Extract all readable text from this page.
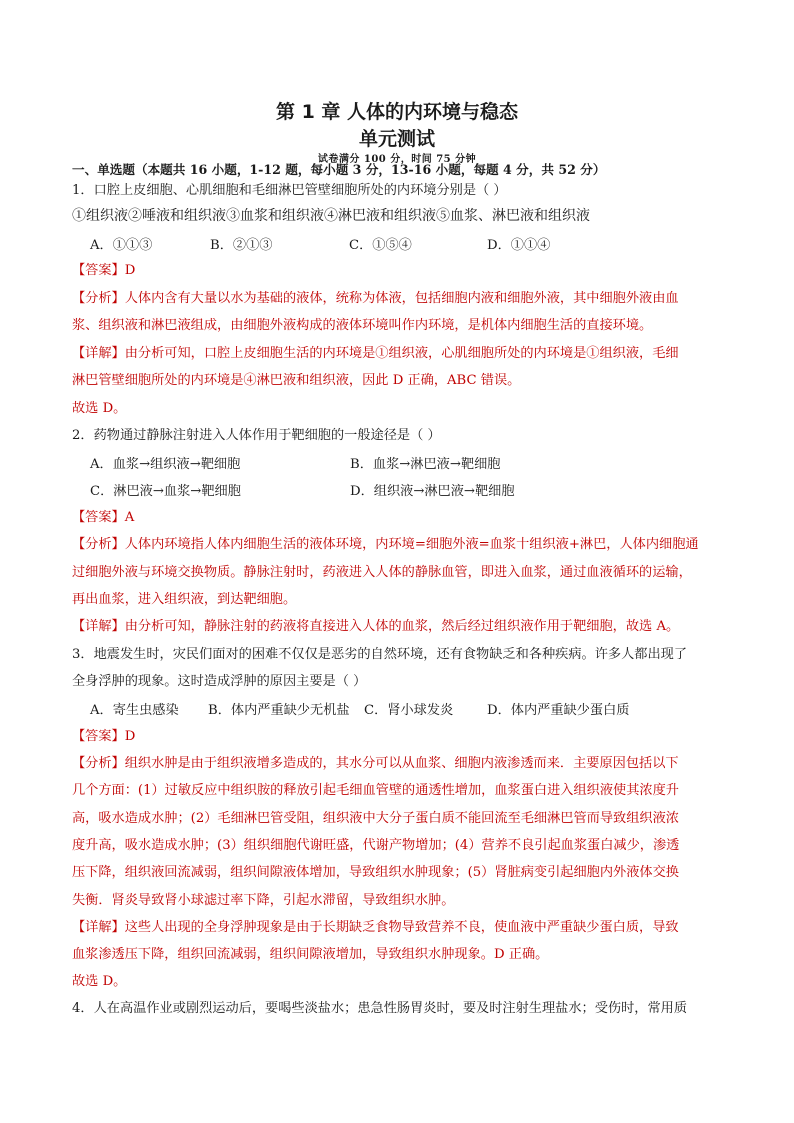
第 1 章 人体的内环境与稳态
单元测试
试卷满分 100 分，时间 75 分钟
一、单选题（本题共 16 小题，1-12 题，每小题 3 分，13-16 小题，每题 4 分，共 52 分）
1．口腔上皮细胞、心肌细胞和毛细淋巴管壁细胞所处的内环境分别是（ ）
①组织液②唾液和组织液③血浆和组织液④淋巴液和组织液⑤血浆、淋巴液和组织液
A．①①③	B．②①③	C．①⑤④	D．①①④
【答案】D
【分析】人体内含有大量以水为基础的液体，统称为体液，包括细胞内液和细胞外液，其中细胞外液由血
浆、组织液和淋巴液组成，由细胞外液构成的液体环境叫作内环境，是机体内细胞生活的直接环境。
【详解】由分析可知，口腔上皮细胞生活的内环境是①组织液，心肌细胞所处的内环境是①组织液，毛细
淋巴管壁细胞所处的内环境是④淋巴液和组织液，因此 D 正确，ABC 错误。
故选 D。
2．药物通过静脉注射进入人体作用于靶细胞的一般途径是（ ）
A．血浆→组织液→靶细胞	B．血浆→淋巴液→靶细胞
C．淋巴液→血浆→靶细胞	D．组织液→淋巴液→靶细胞
【答案】A
【分析】人体内环境指人体内细胞生活的液体环境，内环境=细胞外液=血浆十组织液+淋巴，人体内细胞通
过细胞外液与环境交换物质。静脉注射时，药液进入人体的静脉血管，即进入血浆，通过血液循环的运输，
再出血浆，进入组织液，到达靶细胞。
【详解】由分析可知，静脉注射的药液将直接进入人体的血浆，然后经过组织液作用于靶细胞，故选 A。
3．地震发生时，灾民们面对的困难不仅仅是恶劣的自然环境，还有食物缺乏和各种疾病。许多人都出现了
全身浮肿的现象。这时造成浮肿的原因主要是（ ）
A．寄生虫感染 B．体内严重缺少无机盐 C．肾小球发炎	D．体内严重缺少蛋白质
【答案】D
【分析】组织水肿是由于组织液增多造成的，其水分可以从血浆、细胞内液渗透而来．主要原因包括以下
几个方面：(1）过敏反应中组织胺的释放引起毛细血管壁的通透性增加，血浆蛋白进入组织液使其浓度升
高，吸水造成水肿；(2）毛细淋巴管受阻，组织液中大分子蛋白质不能回流至毛细淋巴管而导致组织液浓
度升高，吸水造成水肿；(3）组织细胞代谢旺盛，代谢产物增加；(4）营养不良引起血浆蛋白减少，渗透
压下降，组织液回流减弱，组织间隙液体增加，导致组织水肿现象；(5）肾脏病变引起细胞内外液体交换
失衡．肾炎导致肾小球滤过率下降，引起水滞留，导致组织水肿。
【详解】这些人出现的全身浮肿现象是由于长期缺乏食物导致营养不良，使血液中严重缺少蛋白质，导致
血浆渗透压下降，组织回流减弱，组织间隙液增加，导致组织水肿现象。D 正确。
故选 D。
4．人在高温作业或剧烈运动后，要喝些淡盐水；患急性肠胃炎时，要及时注射生理盐水；受伤时，常用质
